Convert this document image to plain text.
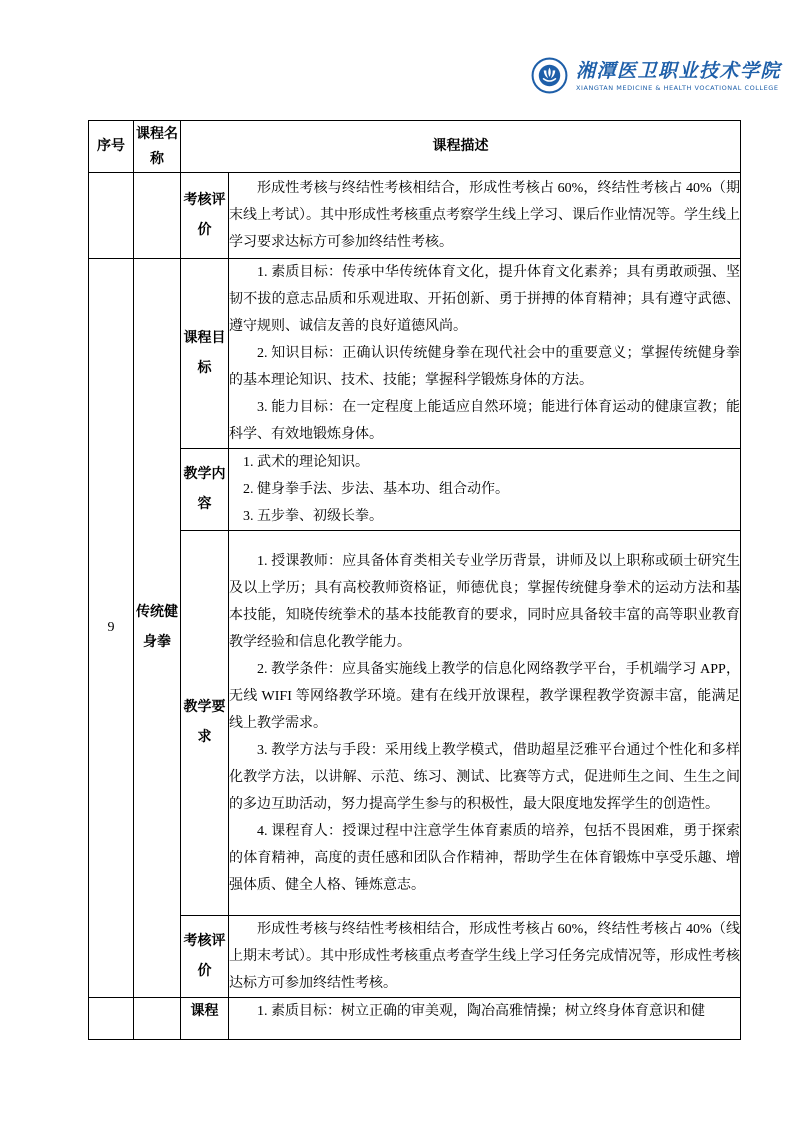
湘潭医卫职业技术学院
XIANGTAN MEDICINE & HEALTH VOCATIONAL COLLEGE
序号	课程名称	课程描述	
		考核评价	形成性考核与终结性考核相结合，形成性考核占 60%，终结性考核占 40%（期末线上考试）。其中形成性考核重点考察学生线上学习、课后作业情况等。学生线上学习要求达标方可参加终结性考核。

9	传统健身拳	课程目标	1. 素质目标：传承中华传统体育文化，提升体育文化素养；具有勇敢顽强、坚韧不拔的意志品质和乐观进取、开拓创新、勇于拼搏的体育精神；具有遵守武德、遵守规则、诚信友善的良好道德风尚。

2. 知识目标：正确认识传统健身拳在现代社会中的重要意义；掌握传统健身拳的基本理论知识、技术、技能；掌握科学锻炼身体的方法。

3. 能力目标：在一定程度上能适应自然环境；能进行体育运动的健康宣教；能科学、有效地锻炼身体。

		教学内容	1. 武术的理论知识。

2. 健身拳手法、步法、基本功、组合动作。

3. 五步拳、初级长拳。

		教学要求	1. 授课教师：应具备体育类相关专业学历背景，讲师及以上职称或硕士研究生及以上学历；具有高校教师资格证，师德优良；掌握传统健身拳术的运动方法和基本技能，知晓传统拳术的基本技能教育的要求，同时应具备较丰富的高等职业教育教学经验和信息化教学能力。

2. 教学条件：应具备实施线上教学的信息化网络教学平台，手机端学习 APP，无线 WIFI 等网络教学环境。建有在线开放课程，教学课程教学资源丰富，能满足线上教学需求。

3. 教学方法与手段：采用线上教学模式，借助超星泛雅平台通过个性化和多样化教学方法，以讲解、示范、练习、测试、比赛等方式，促进师生之间、生生之间的多边互助活动，努力提高学生参与的积极性，最大限度地发挥学生的创造性。

4. 课程育人：授课过程中注意学生体育素质的培养，包括不畏困难，勇于探索的体育精神，高度的责任感和团队合作精神，帮助学生在体育锻炼中享受乐趣、增强体质、健全人格、锤炼意志。

		考核评价	形成性考核与终结性考核相结合，形成性考核占 60%，终结性考核占 40%（线上期末考试）。其中形成性考核重点考查学生线上学习任务完成情况等，形成性考核达标方可参加终结性考核。

		课程	1. 素质目标：树立正确的审美观，陶冶高雅情操；树立终身体育意识和健
